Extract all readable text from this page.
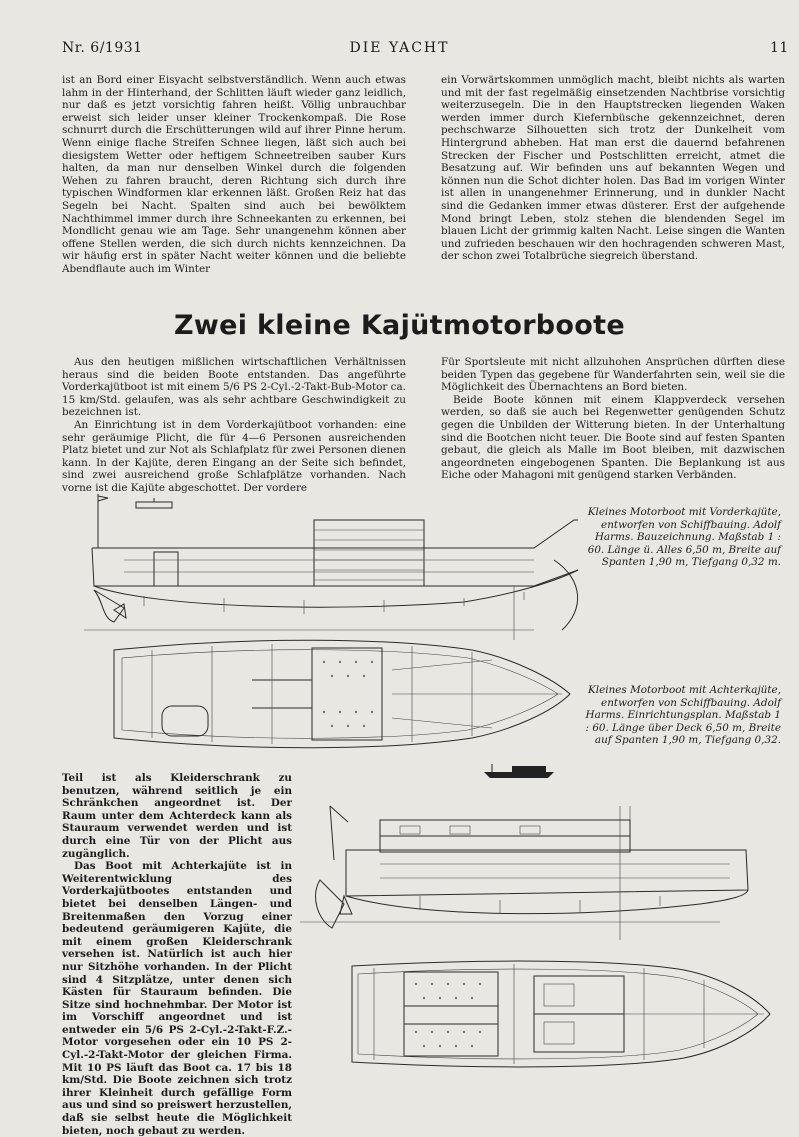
Nr. 6/1931	DIE YACHT	11

ist an Bord einer Eisyacht selbstverständlich. Wenn auch etwas lahm in der Hinterhand, der Schlitten läuft wieder ganz leidlich, nur daß es jetzt vorsichtig fahren heißt. Völlig unbrauchbar erweist sich leider unser kleiner Trockenkompaß. Die Rose schnurrt durch die Erschütterungen wild auf ihrer Pinne herum. Wenn einige flache Streifen Schnee liegen, läßt sich auch bei diesigstem Wetter oder heftigem Schneetreiben sauber Kurs halten, da man nur denselben Winkel durch die folgenden Wehen zu fahren braucht, deren Richtung sich durch ihre typischen Windformen klar erkennen läßt. Großen Reiz hat das Segeln bei Nacht. Spalten sind auch bei bewölktem Nachthimmel immer durch ihre Schneekanten zu erkennen, bei Mondlicht genau wie am Tage. Sehr unangenehm können aber offene Stellen werden, die sich durch nichts kennzeichnen. Da wir häufig erst in später Nacht weiter können und die beliebte Abendflaute auch im Winter

ein Vorwärtskommen unmöglich macht, bleibt nichts als warten und mit der fast regelmäßig einsetzenden Nachtbrise vorsichtig weiterzusegeln. Die in den Hauptstrecken liegenden Waken werden immer durch Kiefernbüsche gekennzeichnet, deren pechschwarze Silhouetten sich trotz der Dunkelheit vom Hintergrund abheben. Hat man erst die dauernd befahrenen Strecken der Fischer und Postschlitten erreicht, atmet die Besatzung auf. Wir befinden uns auf bekannten Wegen und können nun die Schot dichter holen. Das Bad im vorigen Winter ist allen in unangenehmer Erinnerung, und in dunkler Nacht sind die Gedanken immer etwas düsterer. Erst der aufgehende Mond bringt Leben, stolz stehen die blendenden Segel im blauen Licht der grimmig kalten Nacht. Leise singen die Wanten und zufrieden beschauen wir den hochragenden schweren Mast, der schon zwei Totalbrüche siegreich überstand.

Zwei kleine Kajütmotorboote

Aus den heutigen mißlichen wirtschaftlichen Verhältnissen heraus sind die beiden Boote entstanden. Das angeführte Vorderkajütboot ist mit einem 5/6 PS 2-Cyl.-2-Takt-Bub-Motor ca. 15 km/Std. gelaufen, was als sehr achtbare Geschwindigkeit zu bezeichnen ist.

An Einrichtung ist in dem Vorderkajütboot vorhanden: eine sehr geräumige Plicht, die für 4—6 Personen ausreichenden Platz bietet und zur Not als Schlafplatz für zwei Personen dienen kann. In der Kajüte, deren Eingang an der Seite sich befindet, sind zwei ausreichend große Schlafplätze vorhanden. Nach vorne ist die Kajüte abgeschottet. Der vordere

Für Sportsleute mit nicht allzuhohen Ansprüchen dürften diese beiden Typen das gegebene für Wanderfahrten sein, weil sie die Möglichkeit des Übernachtens an Bord bieten.

Beide Boote können mit einem Klappverdeck versehen werden, so daß sie auch bei Regenwetter genügenden Schutz gegen die Unbilden der Witterung bieten. In der Unterhaltung sind die Bootchen nicht teuer. Die Boote sind auf festen Spanten gebaut, die gleich als Malle im Boot bleiben, mit dazwischen angeordneten eingebogenen Spanten. Die Beplankung ist aus Eiche oder Mahagoni mit genügend starken Verbänden.

Kleines Motorboot mit Vorderkajüte, entworfen von Schiffbauing. Adolf Harms. Bauzeichnung. Maßstab 1 : 60. Länge ü. Alles 6,50 m, Breite auf Spanten 1,90 m, Tiefgang 0,32 m.
Kleines Motorboot mit Achterkajüte, entworfen von Schiffbauing. Adolf Harms. Einrichtungsplan. Maßstab 1 : 60. Länge über Deck 6,50 m, Breite auf Spanten 1,90 m, Tiefgang 0,32.

Teil ist als Kleiderschrank zu benutzen, während seitlich je ein Schränkchen angeordnet ist. Der Raum unter dem Achterdeck kann als Stauraum verwendet werden und ist durch eine Tür von der Plicht aus zugänglich.

Das Boot mit Achterkajüte ist in Weiterentwicklung des Vorderkajütbootes entstanden und bietet bei denselben Längen- und Breitenmaßen den Vorzug einer bedeutend geräumigeren Kajüte, die mit einem großen Kleiderschrank versehen ist. Natürlich ist auch hier nur Sitzhöhe vorhanden. In der Plicht sind 4 Sitzplätze, unter denen sich Kästen für Stauraum befinden. Die Sitze sind hochnehmbar. Der Motor ist im Vorschiff angeordnet und ist entweder ein 5/6 PS 2-Cyl.-2-Takt-F.Z.-Motor vorgesehen oder ein 10 PS 2-Cyl.-2-Takt-Motor der gleichen Firma. Mit 10 PS läuft das Boot ca. 17 bis 18 km/Std. Die Boote zeichnen sich trotz ihrer Kleinheit durch gefällige Form aus und sind so preiswert herzustellen, daß sie selbst heute die Möglichkeit bieten, noch gebaut zu werden.
